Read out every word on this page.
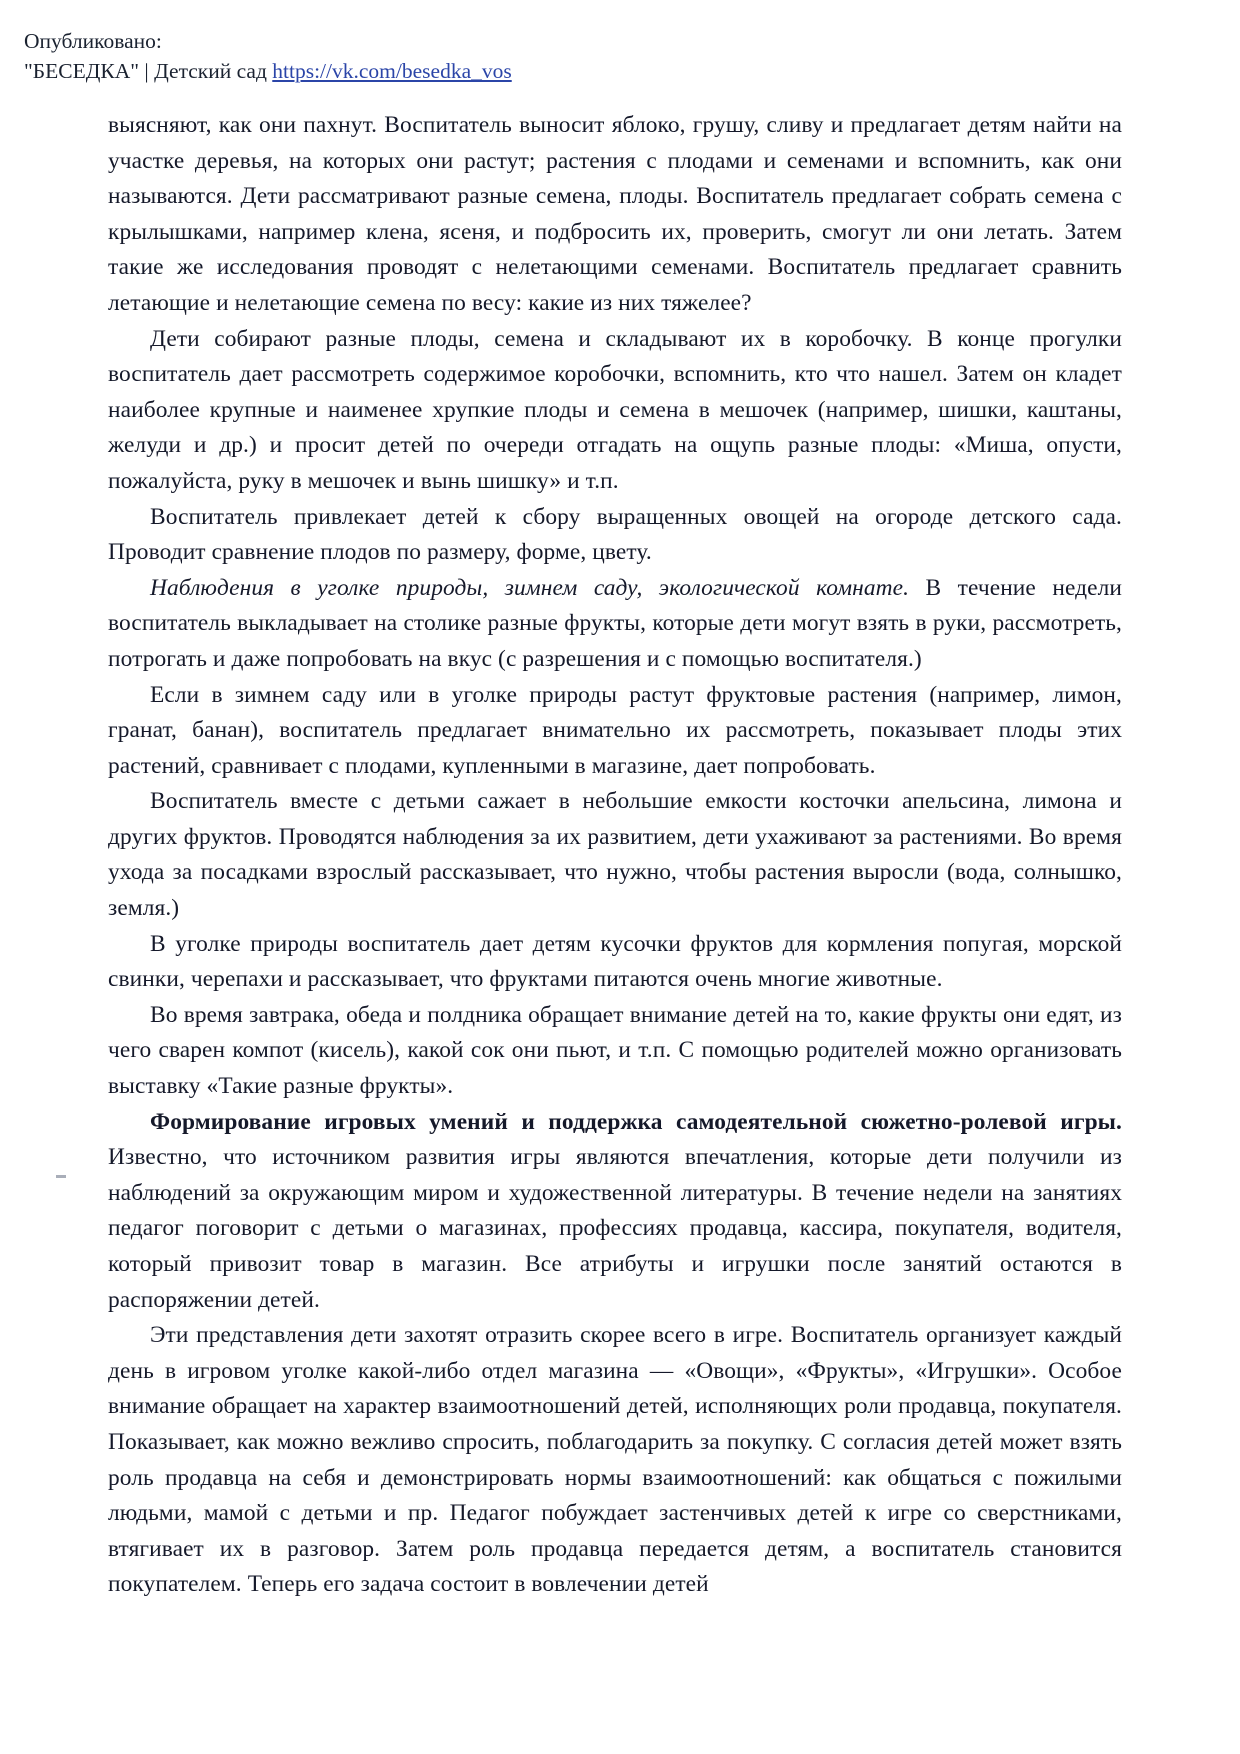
Опубликовано:
"БЕСЕДКА" | Детский сад https://vk.com/besedka_vos

выясняют, как они пахнут. Воспитатель выносит яблоко, грушу, сливу и предлагает детям найти на участке деревья, на которых они растут; растения с плодами и семенами и вспомнить, как они называются. Дети рассматривают разные семена, плоды. Воспитатель предлагает собрать семена с крылышками, например клена, ясеня, и подбросить их, проверить, смогут ли они летать. Затем такие же исследования проводят с нелетающими семенами. Воспитатель предлагает сравнить летающие и нелетающие семена по весу: какие из них тяжелее?

Дети собирают разные плоды, семена и складывают их в коробочку. В конце прогулки воспитатель дает рассмотреть содержимое коробочки, вспомнить, кто что нашел. Затем он кладет наиболее крупные и наименее хрупкие плоды и семена в мешочек (например, шишки, каштаны, желуди и др.) и просит детей по очереди отгадать на ощупь разные плоды: «Миша, опусти, пожалуйста, руку в мешочек и вынь шишку» и т.п.

Воспитатель привлекает детей к сбору выращенных овощей на огороде детского сада. Проводит сравнение плодов по размеру, форме, цвету.

Наблюдения в уголке природы, зимнем саду, экологической комнате. В течение недели воспитатель выкладывает на столике разные фрукты, которые дети могут взять в руки, рассмотреть, потрогать и даже попробовать на вкус (с разрешения и с помощью воспитателя.)

Если в зимнем саду или в уголке природы растут фруктовые растения (например, лимон, гранат, банан), воспитатель предлагает внимательно их рассмотреть, показывает плоды этих растений, сравнивает с плодами, купленными в магазине, дает попробовать.

Воспитатель вместе с детьми сажает в небольшие емкости косточки апельсина, лимона и других фруктов. Проводятся наблюдения за их развитием, дети ухаживают за растениями. Во время ухода за посадками взрослый рассказывает, что нужно, чтобы растения выросли (вода, солнышко, земля.)

В уголке природы воспитатель дает детям кусочки фруктов для кормления попугая, морской свинки, черепахи и рассказывает, что фруктами питаются очень многие животные.

Во время завтрака, обеда и полдника обращает внимание детей на то, какие фрукты они едят, из чего сварен компот (кисель), какой сок они пьют, и т.п. С помощью родителей можно организовать выставку «Такие разные фрукты».

Формирование игровых умений и поддержка самодеятельной сюжетно-ролевой игры. Известно, что источником развития игры являются впечатления, которые дети получили из наблюдений за окружающим миром и художественной литературы. В течение недели на занятиях педагог поговорит с детьми о магазинах, профессиях продавца, кассира, покупателя, водителя, который привозит товар в магазин. Все атрибуты и игрушки после занятий остаются в распоряжении детей.

Эти представления дети захотят отразить скорее всего в игре. Воспитатель организует каждый день в игровом уголке какой-либо отдел магазина — «Овощи», «Фрукты», «Игрушки». Особое внимание обращает на характер взаимоотношений детей, исполняющих роли продавца, покупателя. Показывает, как можно вежливо спросить, поблагодарить за покупку. С согласия детей может взять роль продавца на себя и демонстрировать нормы взаимоотношений: как общаться с пожилыми людьми, мамой с детьми и пр. Педагог побуждает застенчивых детей к игре со сверстниками, втягивает их в разговор. Затем роль продавца передается детям, а воспитатель становится покупателем. Теперь его задача состоит в вовлечении детей
